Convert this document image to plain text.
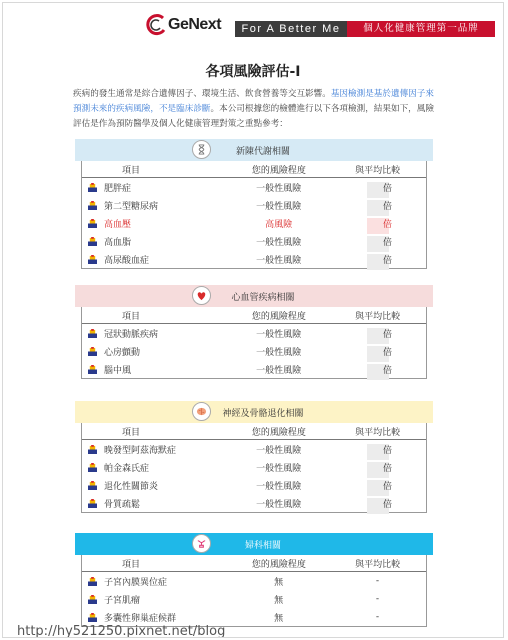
GeNext	For A Better Me	個人化健康管理第一品牌
各項風險評估-I
疾病的發生通常是綜合遺傳因子、環境生活、飲食營養等交互影響。基因檢測是基於遺傳因子來預測未來的疾病風險，不是臨床診斷。本公司根據您的檢體進行以下各項檢測，結果如下，風險評估是作為預防醫學及個人化健康管理對策之重點參考：
新陳代謝相關
項目	您的風險程度	與平均比較
肥胖症	一般性風險	倍
第二型糖尿病	一般性風險	倍
高血壓	高風險	倍
高血脂	一般性風險	倍
高尿酸血症	一般性風險	倍
心血管疾病相關
項目	您的風險程度	與平均比較
冠狀動脈疾病	一般性風險	倍
心房顫動	一般性風險	倍
腦中風	一般性風險	倍
神經及骨骼退化相關
項目	您的風險程度	與平均比較
晚發型阿茲海默症	一般性風險	倍
帕金森氏症	一般性風險	倍
退化性關節炎	一般性風險	倍
骨質疏鬆	一般性風險	倍
婦科相關
項目	您的風險程度	與平均比較
子宮內膜異位症	無	-
子宮肌瘤	無	-
多囊性卵巢症候群	無	-
http://hy521250.pixnet.net/blog
